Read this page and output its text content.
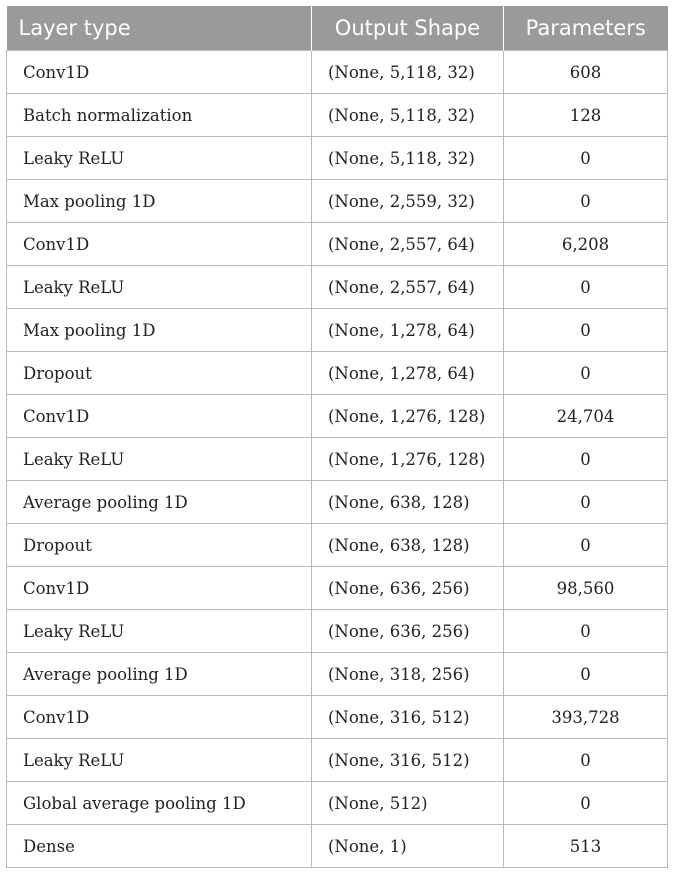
Layer type	Output Shape	Parameters
Conv1D	(None, 5,118, 32)	608
Batch normalization	(None, 5,118, 32)	128
Leaky ReLU	(None, 5,118, 32)	0
Max pooling 1D	(None, 2,559, 32)	0
Conv1D	(None, 2,557, 64)	6,208
Leaky ReLU	(None, 2,557, 64)	0
Max pooling 1D	(None, 1,278, 64)	0
Dropout	(None, 1,278, 64)	0
Conv1D	(None, 1,276, 128)	24,704
Leaky ReLU	(None, 1,276, 128)	0
Average pooling 1D	(None, 638, 128)	0
Dropout	(None, 638, 128)	0
Conv1D	(None, 636, 256)	98,560
Leaky ReLU	(None, 636, 256)	0
Average pooling 1D	(None, 318, 256)	0
Conv1D	(None, 316, 512)	393,728
Leaky ReLU	(None, 316, 512)	0
Global average pooling 1D	(None, 512)	0
Dense	(None, 1)	513
